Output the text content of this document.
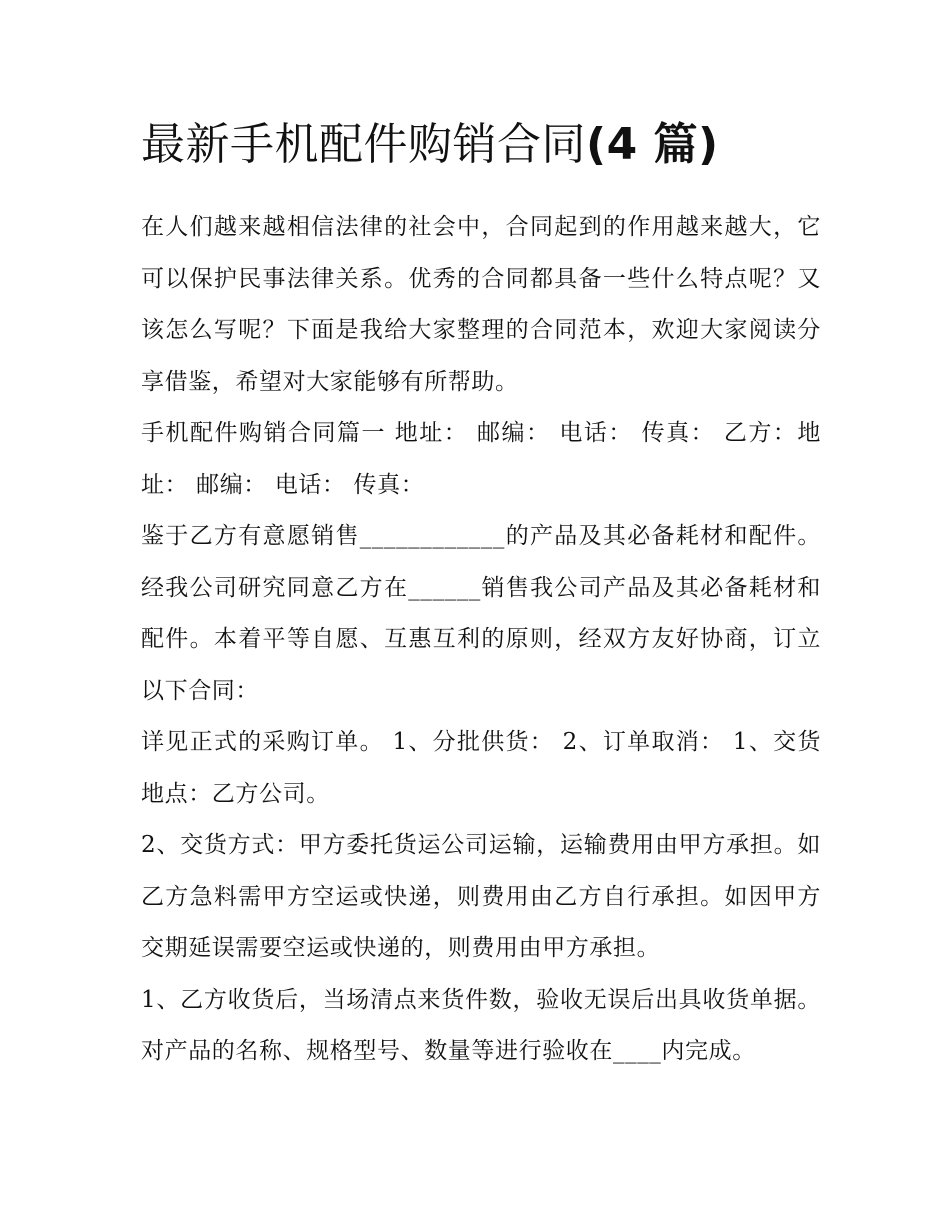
最新手机配件购销合同(4 篇)

在人们越来越相信法律的社会中，合同起到的作用越来越大，它可以保护民事法律关系。优秀的合同都具备一些什么特点呢？又该怎么写呢？下面是我给大家整理的合同范本，欢迎大家阅读分享借鉴，希望对大家能够有所帮助。

手机配件购销合同篇一 地址： 邮编： 电话： 传真： 乙方：地址： 邮编： 电话： 传真：

鉴于乙方有意愿销售____________的产品及其必备耗材和配件。经我公司研究同意乙方在______销售我公司产品及其必备耗材和配件。本着平等自愿、互惠互利的原则，经双方友好协商，订立以下合同：

详见正式的采购订单。 1、分批供货： 2、订单取消： 1、交货地点：乙方公司。

2、交货方式：甲方委托货运公司运输，运输费用由甲方承担。如乙方急料需甲方空运或快递，则费用由乙方自行承担。如因甲方交期延误需要空运或快递的，则费用由甲方承担。

1、乙方收货后，当场清点来货件数，验收无误后出具收货单据。对产品的名称、规格型号、数量等进行验收在____内完成。
